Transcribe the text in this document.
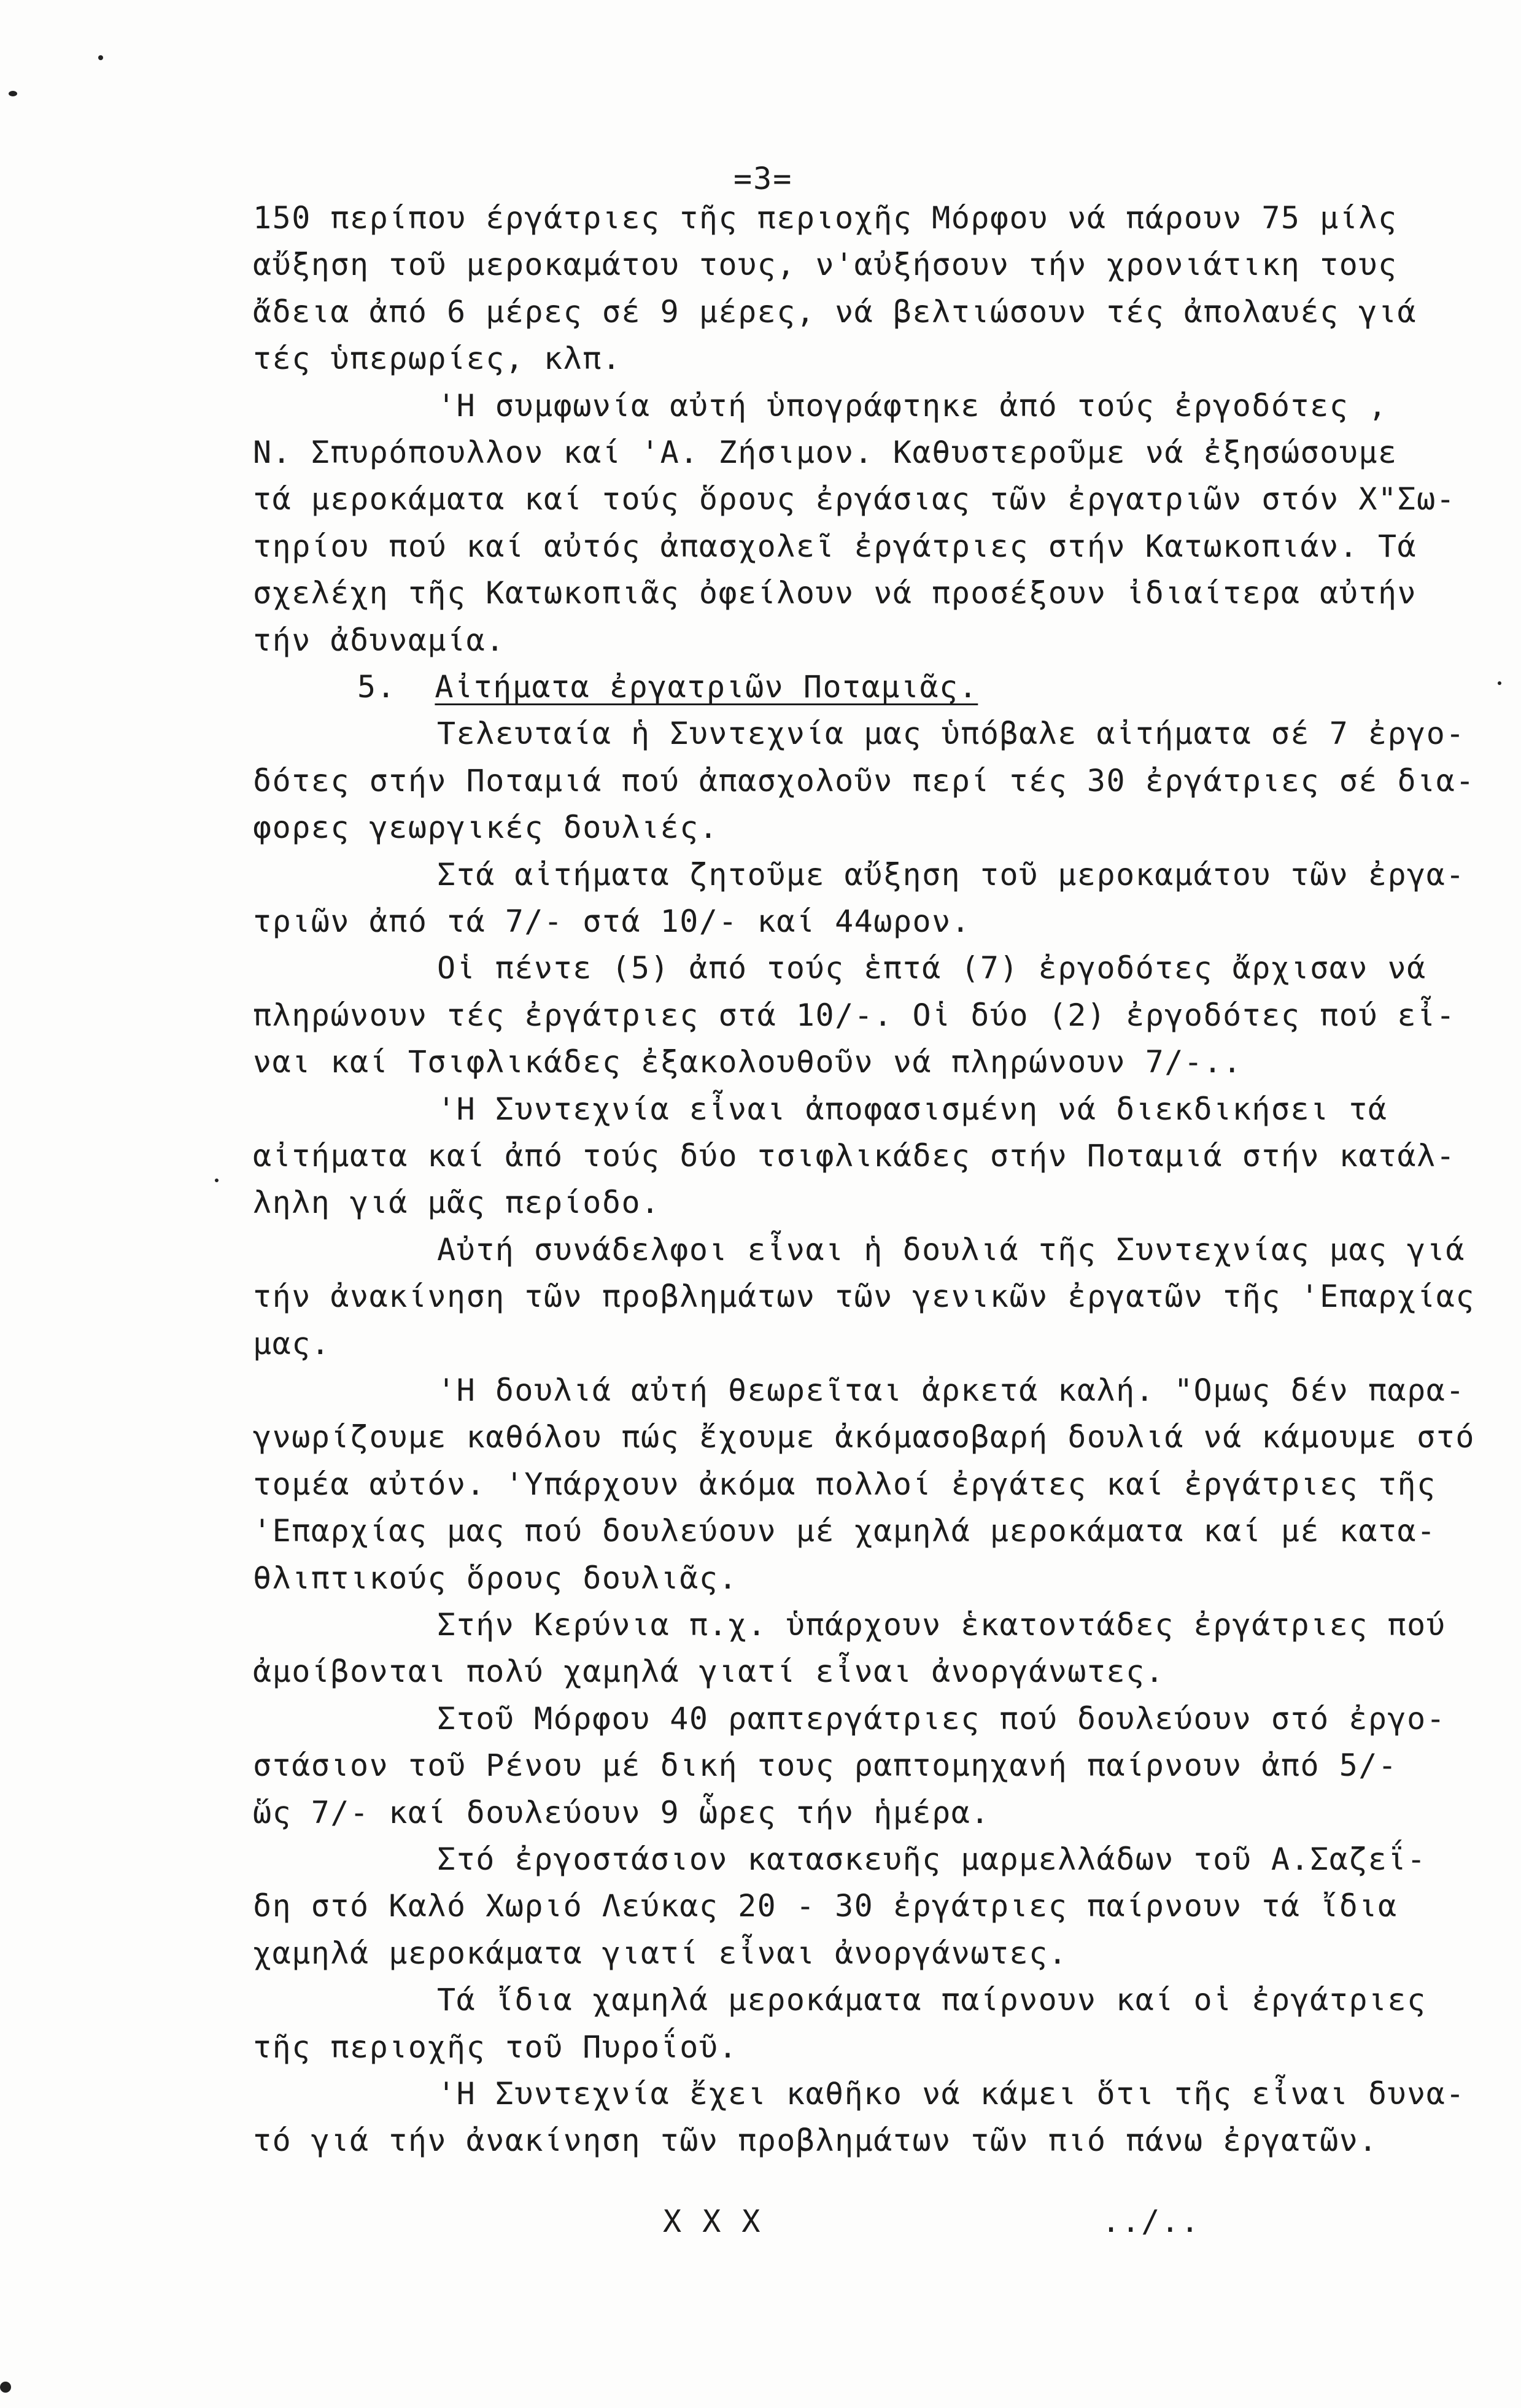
=3=
150 περίπου έργάτριες τῆς περιοχῆς Μόρφου νά πάρουν 75 μίλς
αὔξηση τοῦ μεροκαμάτου τους, ν'αὐξήσουν τήν χρονιάτικη τους
ἄδεια ἀπό 6 μέρες σέ 9 μέρες, νά βελτιώσουν τές ἀπολαυές γιά
τές ὑπερωρίες, κλπ.
'Η συμφωνία αὐτή ὑπογράφτηκε ἀπό τούς ἐργοδότες ,
Ν. Σπυρόπουλλον καί 'Α. Ζήσιμον. Καθυστεροῦμε νά ἐξησώσουμε
τά μεροκάματα καί τούς ὅρους ἐργάσιας τῶν ἐργατριῶν στόν Χ"Σω-
τηρίου πού καί αὐτός ἀπασχολεῖ ἐργάτριες στήν Κατωκοπιάν. Τά
σχελέχη τῆς Κατωκοπιᾶς ὀφείλουν νά προσέξουν ἰδιαίτερα αὐτήν
τήν ἀδυναμία.
5.  Αἰτήματα ἐργατριῶν Ποταμιᾶς.
Τελευταία ἡ Συντεχνία μας ὑπόβαλε αἰτήματα σέ 7 ἐργο-
δότες στήν Ποταμιά πού ἀπασχολοῦν περί τές 30 ἐργάτριες σέ δια-
φορες γεωργικές δουλιές.
Στά αἰτήματα ζητοῦμε αὔξηση τοῦ μεροκαμάτου τῶν ἐργα-
τριῶν ἀπό τά 7/- στά 10/- καί 44ωρον.
Οἱ πέντε (5) ἀπό τούς ἑπτά (7) ἐργοδότες ἄρχισαν νά
πληρώνουν τές ἐργάτριες στά 10/-. Οἱ δύο (2) ἐργοδότες πού εἶ-
ναι καί Τσιφλικάδες ἐξακολουθοῦν νά πληρώνουν 7/-..
'Η Συντεχνία εἶναι ἀποφασισμένη νά διεκδικήσει τά
αἰτήματα καί ἀπό τούς δύο τσιφλικάδες στήν Ποταμιά στήν κατάλ-
ληλη γιά μᾶς περίοδο.
Αὐτή συνάδελφοι εἶναι ἡ δουλιά τῆς Συντεχνίας μας γιά
τήν ἀνακίνηση τῶν προβλημάτων τῶν γενικῶν ἐργατῶν τῆς 'Επαρχίας
μας.
'Η δουλιά αὐτή θεωρεῖται ἀρκετά καλή. "Ομως δέν παρα-
γνωρίζουμε καθόλου πώς ἔχουμε ἀκόμασοβαρή δουλιά νά κάμουμε στό
τομέα αὐτόν. 'Υπάρχουν ἀκόμα πολλοί ἐργάτες καί ἐργάτριες τῆς
'Επαρχίας μας πού δουλεύουν μέ χαμηλά μεροκάματα καί μέ κατα-
θλιπτικούς ὅρους δουλιᾶς.
Στήν Κερύνια π.χ. ὑπάρχουν ἑκατοντάδες ἐργάτριες πού
ἀμοίβονται πολύ χαμηλά γιατί εἶναι ἀνοργάνωτες.
Στοῦ Μόρφου 40 ραπτεργάτριες πού δουλεύουν στό ἐργο-
στάσιον τοῦ Ρένου μέ δική τους ραπτομηχανή παίρνουν ἀπό 5/-
ὥς 7/- καί δουλεύουν 9 ὧρες τήν ἡμέρα.
Στό ἐργοστάσιον κατασκευῆς μαρμελλάδων τοῦ Α.Σαζεΐ-
δη στό Καλό Χωριό Λεύκας 20 - 30 ἐργάτριες παίρνουν τά ἴδια
χαμηλά μεροκάματα γιατί εἶναι ἀνοργάνωτες.
Τά ἴδια χαμηλά μεροκάματα παίρνουν καί οἱ ἐργάτριες
τῆς περιοχῆς τοῦ Πυροΐοῦ.
'Η Συντεχνία ἔχει καθῆκο νά κάμει ὅτι τῆς εἶναι δυνα-
τό γιά τήν ἀνακίνηση τῶν προβλημάτων τῶν πιό πάνω ἐργατῶν.
X X X	../..
